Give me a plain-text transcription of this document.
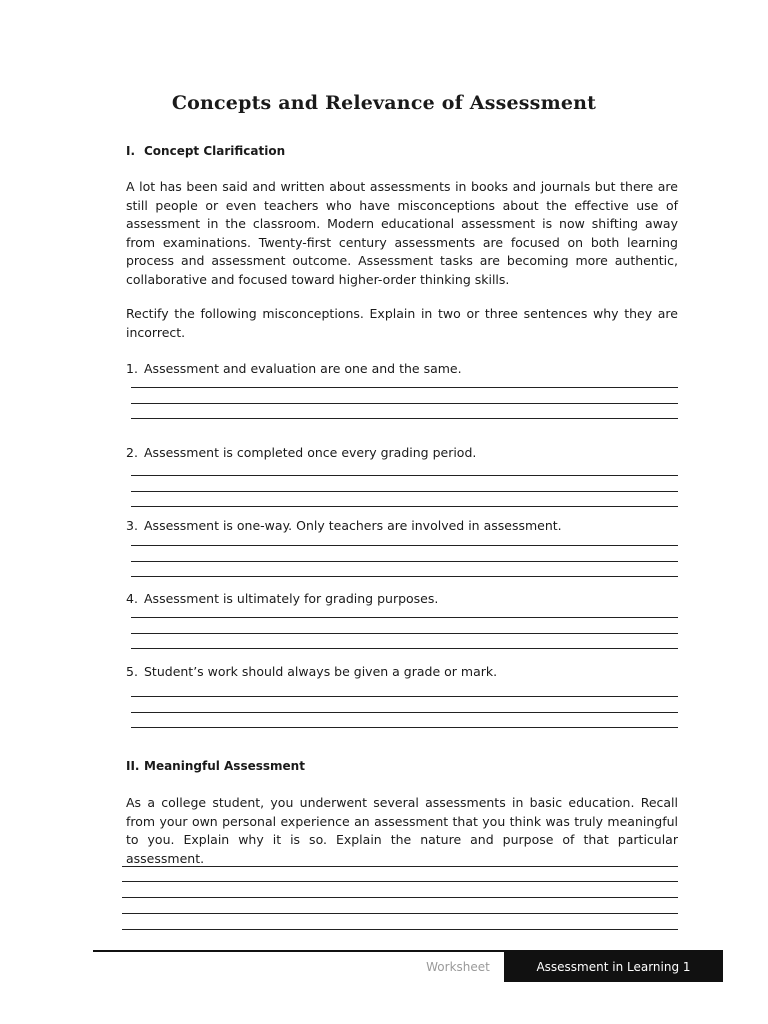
Concepts and Relevance of Assessment
I. Concept Clarification
A lot has been said and written about assessments in books and journals but there are still people or even teachers who have misconceptions about the effective use of assessment in the classroom. Modern educational assessment is now shifting away from examinations. Twenty-first century assessments are focused on both learning process and assessment outcome. Assessment tasks are becoming more authentic, collaborative and focused toward higher-order thinking skills.
Rectify the following misconceptions. Explain in two or three sentences why they are incorrect.
1. Assessment and evaluation are one and the same.
2. Assessment is completed once every grading period.
3. Assessment is one-way. Only teachers are involved in assessment.
4. Assessment is ultimately for grading purposes.
5. Student’s work should always be given a grade or mark.
II. Meaningful Assessment
As a college student, you underwent several assessments in basic education. Recall from your own personal experience an assessment that you think was truly meaningful to you. Explain why it is so. Explain the nature and purpose of that particular assessment.
Worksheet	Assessment in Learning 1
